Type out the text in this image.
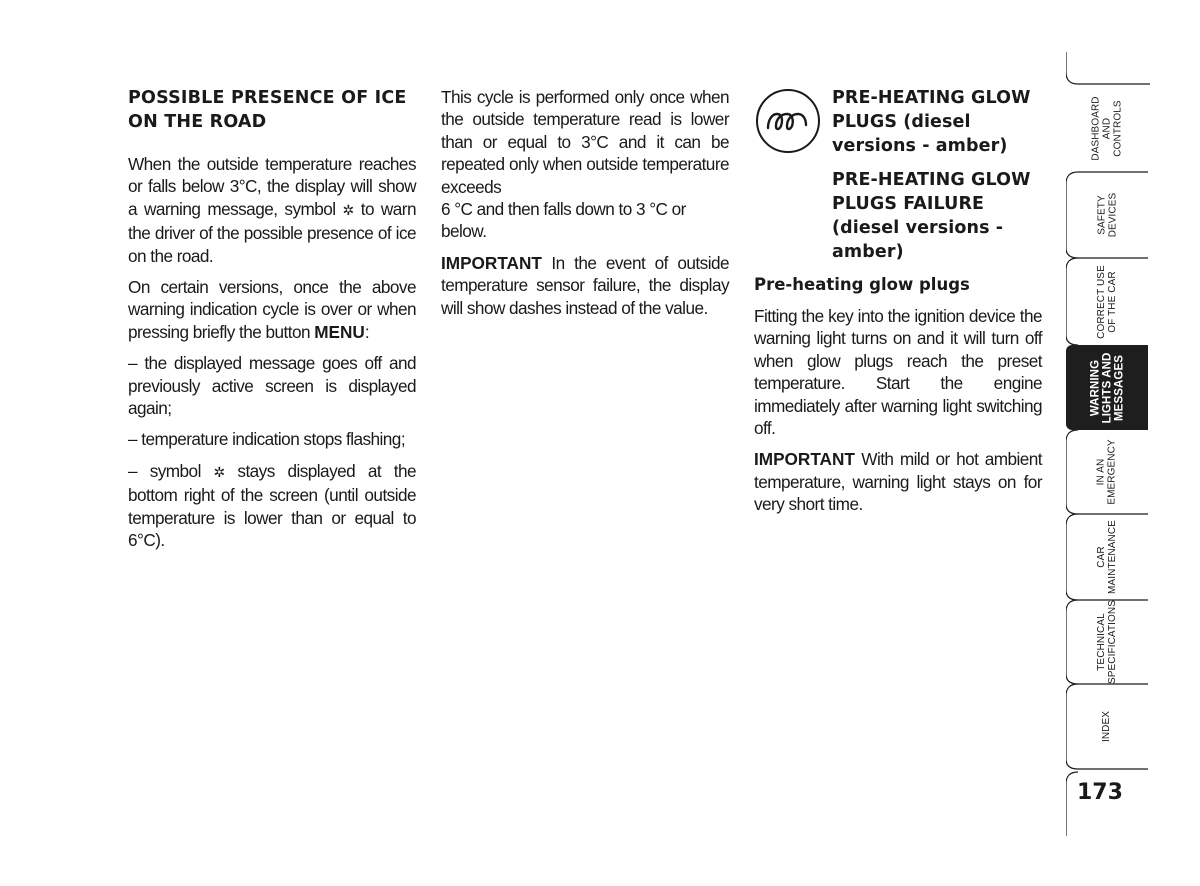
POSSIBLE PRESENCE OF ICE ON THE ROAD

When the outside temperature reaches or falls below 3°C, the display will show a warning message, symbol ✲ to warn the driver of the possible presence of ice on the road.

On certain versions, once the above warning indication cycle is over or when pressing briefly the button MENU:

– the displayed message goes off and previously active screen is displayed again;

– temperature indication stops flashing;

– symbol ✲ stays displayed at the bottom right of the screen (until outside temperature is lower than or equal to 6°C).

This cycle is performed only once when the outside temperature read is lower than or equal to 3°C and it can be repeated only when outside temperature exceeds

6 °C and then falls down to 3 °C or below.

IMPORTANT In the event of outside temperature sensor failure, the display will show dashes instead of the value.

PRE-HEATING GLOW PLUGS (diesel versions - amber)
PRE-HEATING GLOW PLUGS FAILURE (diesel versions - amber)
Pre-heating glow plugs

Fitting the key into the ignition device the warning light turns on and it will turn off when glow plugs reach the preset temperature. Start the engine immediately after warning light switching off.

IMPORTANT With mild or hot ambient temperature, warning light stays on for very short time.

DASHBOARD
AND
CONTROLS
SAFETY
DEVICES
CORRECT USE
OF THE CAR
WARNING
LIGHTS AND
MESSAGES
IN AN
EMERGENCY
CAR
MAINTENANCE
TECHNICAL
SPECIFICATIONS
INDEX
173
